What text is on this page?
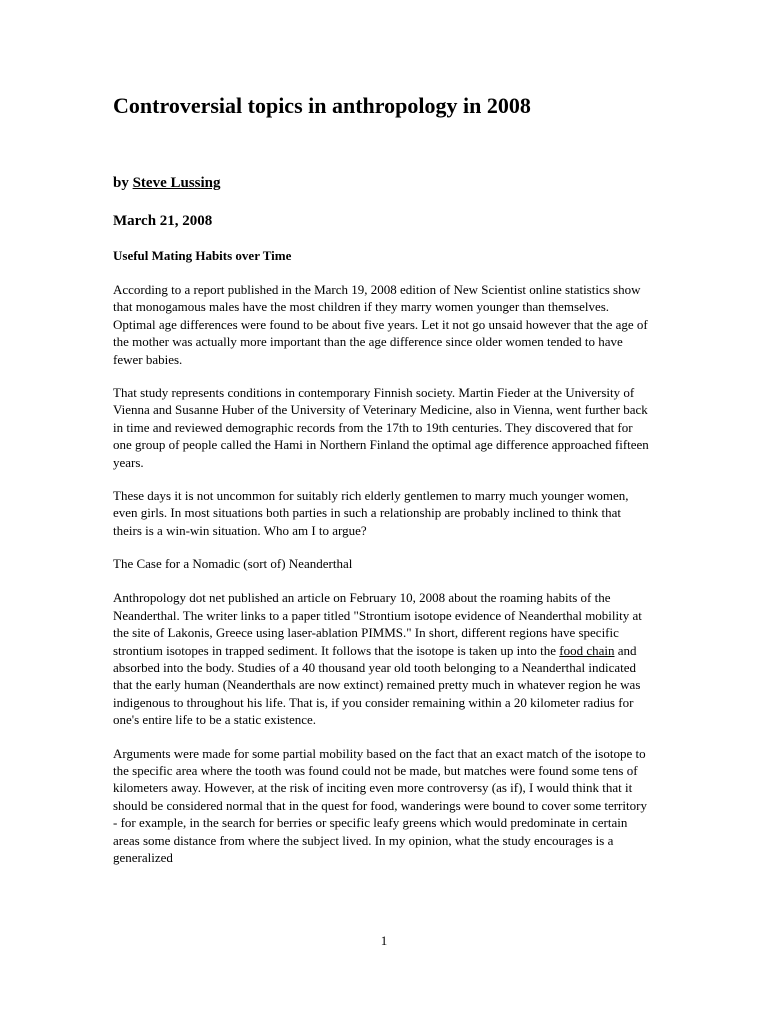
Controversial topics in anthropology in 2008
by Steve Lussing
March 21, 2008
Useful Mating Habits over Time

According to a report published in the March 19, 2008 edition of New Scientist online statistics show that monogamous males have the most children if they marry women younger than themselves. Optimal age differences were found to be about five years. Let it not go unsaid however that the age of the mother was actually more important than the age difference since older women tended to have fewer babies.

That study represents conditions in contemporary Finnish society. Martin Fieder at the University of Vienna and Susanne Huber of the University of Veterinary Medicine, also in Vienna, went further back in time and reviewed demographic records from the 17th to 19th centuries. They discovered that for one group of people called the Hami in Northern Finland the optimal age difference approached fifteen years.

These days it is not uncommon for suitably rich elderly gentlemen to marry much younger women, even girls. In most situations both parties in such a relationship are probably inclined to think that theirs is a win-win situation. Who am I to argue?

The Case for a Nomadic (sort of) Neanderthal

Anthropology dot net published an article on February 10, 2008 about the roaming habits of the Neanderthal. The writer links to a paper titled "Strontium isotope evidence of Neanderthal mobility at the site of Lakonis, Greece using laser-ablation PIMMS." In short, different regions have specific strontium isotopes in trapped sediment. It follows that the isotope is taken up into the food chain and absorbed into the body. Studies of a 40 thousand year old tooth belonging to a Neanderthal indicated that the early human (Neanderthals are now extinct) remained pretty much in whatever region he was indigenous to throughout his life. That is, if you consider remaining within a 20 kilometer radius for one's entire life to be a static existence.

Arguments were made for some partial mobility based on the fact that an exact match of the isotope to the specific area where the tooth was found could not be made, but matches were found some tens of kilometers away. However, at the risk of inciting even more controversy (as if), I would think that it should be considered normal that in the quest for food, wanderings were bound to cover some territory - for example, in the search for berries or specific leafy greens which would predominate in certain areas some distance from where the subject lived. In my opinion, what the study encourages is a generalized

1
